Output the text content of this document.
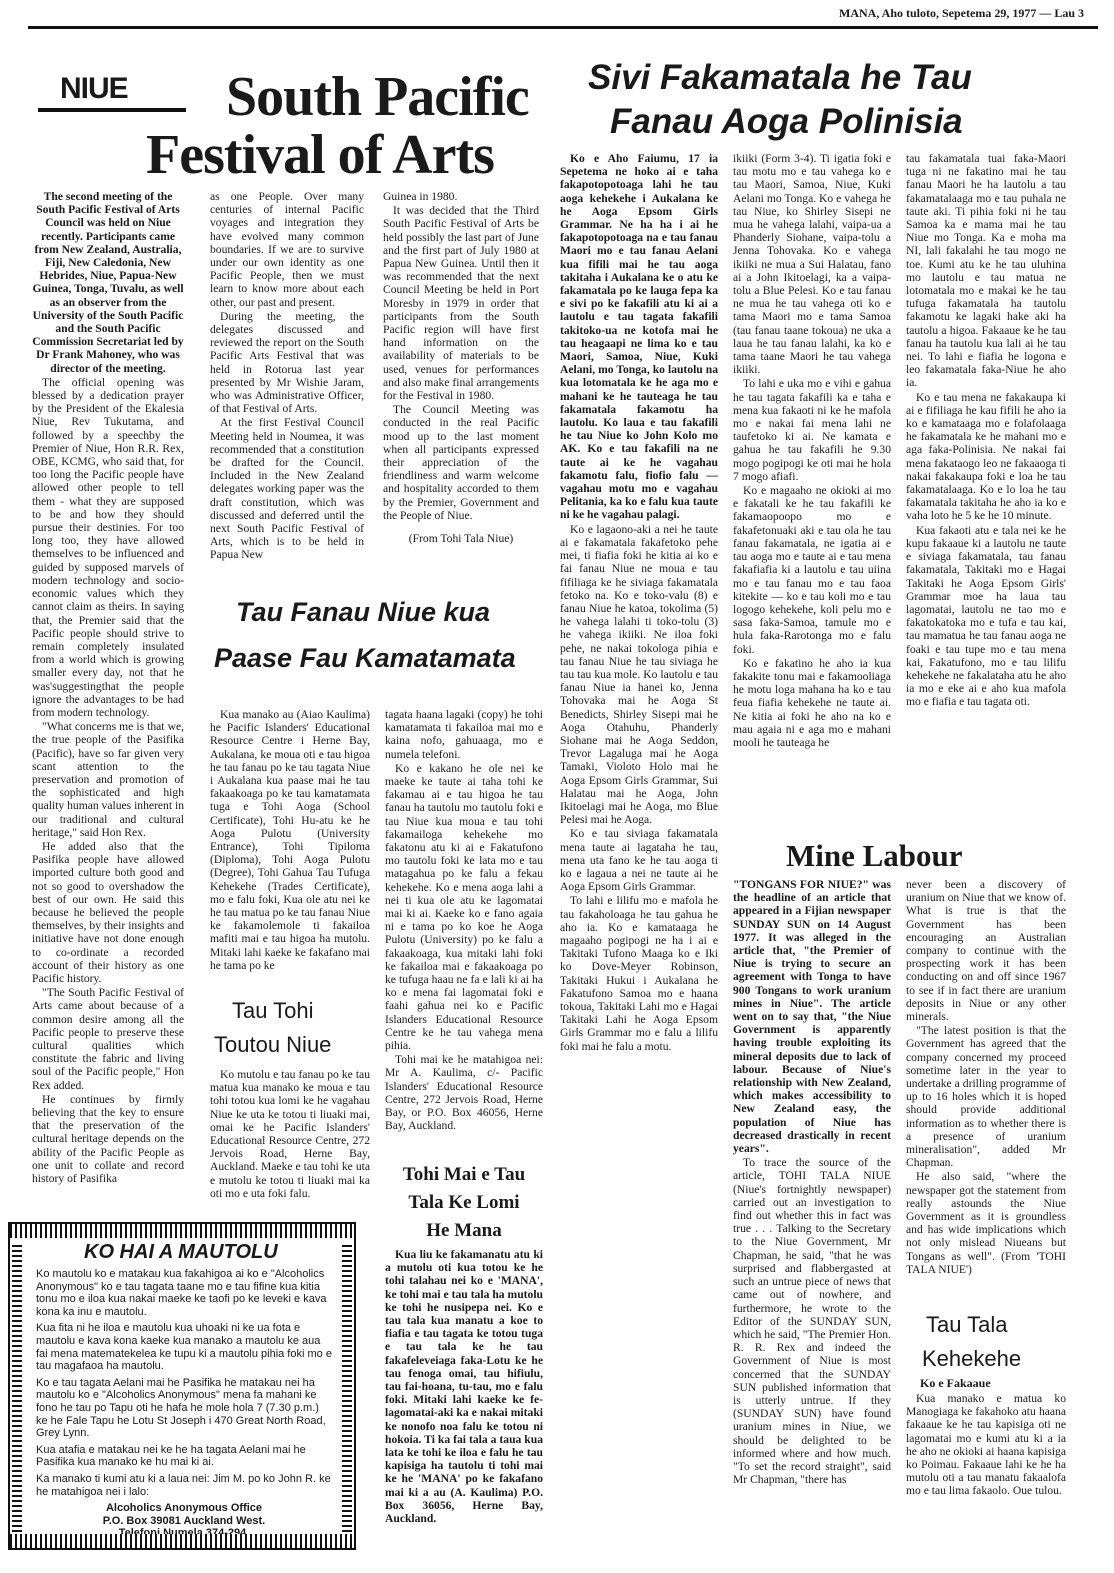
MANA, Aho tuloto, Sepetema 29, 1977 — Lau 3
NIUE South Pacific
Festival of Arts

The second meeting of the South Pacific Festival of Arts Council was held on Niue recently. Participants came from New Zealand, Australia, Fiji, New Caledonia, New Hebrides, Niue, Papua-New Guinea, Tonga, Tuvalu, as well as an observer from the University of the South Pacific and the South Pacific Commission Secretariat led by Dr Frank Mahoney, who was director of the meeting.

The official opening was blessed by a dedication prayer by the President of the Ekalesia Niue, Rev Tukutama, and followed by a speechby the Premier of Niue, Hon R.R. Rex, OBE, KCMG, who said that, for too long the Pacific people have allowed other people to tell them - what they are supposed to be and how they should pursue their destinies. For too long too, they have allowed themselves to be influenced and guided by supposed marvels of modern technology and socio-economic values which they cannot claim as theirs. In saying that, the Premier said that the Pacific people should strive to remain completely insulated from a world which is growing smaller every day, not that he was'suggestingthat the people ignore the advantages to be had from modern technology.

"What concerns me is that we, the true people of the Pasifika (Pacific), have so far given very scant attention to the preservation and promotion of the sophisticated and high quality human values inherent in our traditional and cultural heritage," said Hon Rex.

He added also that the Pasifika people have allowed imported culture both good and not so good to overshadow the best of our own. He said this because he believed the people themselves, by their insights and initiative have not done enough to co-ordinate a recorded account of their history as one Pacific history.

"The South Pacific Festival of Arts came about because of a common desire among all the Pacific people to preserve these cultural qualities which constitute the fabric and living soul of the Pacific people," Hon Rex added.

He continues by firmly believing that the key to ensure that the preservation of the cultural heritage depends on the ability of the Pacific People as one unit to collate and record history of Pasifika

as one People. Over many centuries of internal Pacific voyages and integration they have evolved many common boundaries. If we are to survive under our own identity as one Pacific People, then we must learn to know more about each other, our past and present.

During the meeting, the delegates discussed and reviewed the report on the South Pacific Arts Festival that was held in Rotorua last year presented by Mr Wishie Jaram, who was Administrative Officer, of that Festival of Arts.

At the first Festival Council Meeting held in Noumea, it was recommended that a constitution be drafted for the Council. Included in the New Zealand delegates working paper was the draft constitution, which was discussed and deferred until the next South Pacific Festival of Arts, which is to be held in Papua New

Guinea in 1980.

It was decided that the Third South Pacific Festival of Arts be held possibly the last part of June and the first part of July 1980 at Papua New Guinea. Until then it was recommended that the next Council Meeting be held in Port Moresby in 1979 in order that participants from the South Pacific region will have first hand information on the availability of materials to be used, venues for performances and also make final arrangements for the Festival in 1980.

The Council Meeting was conducted in the real Pacific mood up to the last moment when all participants expressed their appreciation of the friendliness and warm welcome and hospitality accorded to them by the Premier, Government and the People of Niue.

(From Tohi Tala Niue)

Sivi Fakamatala he Tau
Fanau Aoga Polinisia

Ko e Aho Faiumu, 17 ia Sepetema ne hoko ai e taha fakapotopotoaga lahi he tau aoga kehekehe i Aukalana ke he Aoga Epsom Girls Grammar. Ne ha ha i ai he fakapotopotoaga na e tau fanau Maori mo e tau fanau Aelani kua fifili mai he tau aoga takitaha i Aukalana ke o atu ke fakamatala po ke lauga fepa ka e sivi po ke fakafili atu ki ai a lautolu e tau tagata fakafili takitoko-ua ne kotofa mai he tau heagaapi ne lima ko e tau Maori, Samoa, Niue, Kuki Aelani, mo Tonga, ko lautolu na kua lotomatala ke he aga mo e mahani ke he tauteaga he tau fakamatala fakamotu ha lautolu. Ko laua e tau fakafili he tau Niue ko John Kolo mo AK. Ko e tau fakafili na ne taute ai ke he vagahau fakamotu falu, fiofio falu — vagahau motu mo e vagahau Pelitania, ka ko e falu kua taute ni ke he vagahau palagi.

Ko e lagaono-aki a nei he taute ai e fakamatala fakafetoko pehe mei, ti fiafia foki he kitia ai ko e fai fanau Niue ne moua e tau fifiliaga ke he siviaga fakamatala fetoko na. Ko e toko-valu (8) e fanau Niue he katoa, tokolima (5) he vahega lalahi ti toko-tolu (3) he vahega ikiiki. Ne iloa foki pehe, ne nakai tokologa pihia e tau fanau Niue he tau siviaga he tau tau kua mole. Ko lautolu e tau fanau Niue ia hanei ko, Jenna Tohovaka mai he Aoga St Benedicts, Shirley Sisepi mai he Aoga Otahuhu, Phanderly Siohane mai he Aoga Seddon, Trevor Lagaluga mai he Aoga Tamaki, Violoto Holo mai he Aoga Epsom Girls Grammar, Sui Halatau mai he Aoga, John Ikitoelagi mai he Aoga, mo Blue Pelesi mai he Aoga.

Ko e tau siviaga fakamatala mena taute ai lagataha he tau, mena uta fano ke he tau aoga ti ko e lagaua a nei ne taute ai he Aoga Epsom Girls Grammar.

To lahi e lilifu mo e mafola he tau fakaholoaga he tau gahua he aho ia. Ko e kamataaga he magaaho pogipogi ne ha i ai e Takitaki Tufono Maaga ko e Iki ko Dove-Meyer Robinson, Takitaki Hukui i Aukalana he Fakatufono Samoa mo e haana tokoua, Takitaki Lahi mo e Hagai Takitaki Lahi he Aoga Epsom Girls Grammar mo e falu a lilifu foki mai he falu a motu.

ikiiki (Form 3-4). Ti igatia foki e tau motu mo e tau vahega ko e tau Maori, Samoa, Niue, Kuki Aelani mo Tonga. Ko e vahega he tau Niue, ko Shirley Sisepi ne mua he vahega lalahi, vaipa-ua a Phanderly Siohane, vaipa-tolu a Jenna Tohovaka. Ko e vahega ikiiki ne mua a Sui Halatau, fano ai a John Ikitoelagi, ka a vaipa-tolu a Blue Pelesi. Ko e tau fanau ne mua he tau vahega oti ko e tama Maori mo e tama Samoa (tau fanau taane tokoua) ne uka a laua he tau fanau lalahi, ka ko e tama taane Maori he tau vahega ikiiki.

To lahi e uka mo e vihi e gahua he tau tagata fakafili ka e taha e mena kua fakaoti ni ke he mafola mo e nakai fai mena lahi ne taufetoko ki ai. Ne kamata e gahua he tau fakafili he 9.30 mogo pogipogi ke oti mai he hola 7 mogo afiafi.

Ko e magaaho ne okioki ai mo e fakatali ke he tau fakafili ke fakamaopoopo mo e fakafetonuaki aki e tau ola he tau fanau fakamatala, ne igatia ai e tau aoga mo e taute ai e tau mena fakafiafia ki a lautolu e tau uiina mo e tau fanau mo e tau faoa kitekite — ko e tau koli mo e tau logogo kehekehe, koli pelu mo e sasa faka-Samoa, tamule mo e hula faka-Rarotonga mo e falu foki.

Ko e fakatino he aho ia kua fakakite tonu mai e fakamooliaga he motu loga mahana ha ko e tau feua fiafia kehekehe ne taute ai. Ne kitia ai foki he aho na ko e mau agaia ni e aga mo e mahani mooli he tauteaga he

tau fakamatala tuai faka-Maori tuga ni ne fakatino mai he tau fanau Maori he ha lautolu a tau fakamatalaaga mo e tau puhala ne taute aki. Ti pihia foki ni he tau Samoa ka e mama mai he tau Niue mo Tonga. Ka e moha ma NI, lali fakalahi he tau mogo ne toe. Kumi atu ke he tau uluhina mo lautolu e tau matua ne lotomatala mo e makai ke he tau tufuga fakamatala ha tautolu fakamotu ke lagaki hake aki ha tautolu a higoa. Fakaaue ke he tau fanau ha tautolu kua lali ai he tau nei. To lahi e fiafia he logona e leo fakamatala faka-Niue he aho ia.

Ko e tau mena ne fakakaupa ki ai e fifiliaga he kau fifili he aho ia ko e kamataaga mo e folafolaaga he fakamatala ke he mahani mo e aga faka-Polinisia. Ne nakai fai mena fakataogo leo ne fakaaoga ti nakai fakakaupa foki e loa he tau fakamatalaaga. Ko e lo loa he tau fakamatala takitaha he aho ia ko e vaha loto he 5 ke he 10 minute.

Kua fakaoti atu e tala nei ke he kupu fakaaue ki a lautolu ne taute e siviaga fakamatala, tau fanau fakamatala, Takitaki mo e Hagai Takitaki he Aoga Epsom Girls' Grammar moe ha laua tau lagomatai, lautolu ne tao mo e fakatokatoka mo e tufa e tau kai, tau mamatua he tau fanau aoga ne foaki e tau tupe mo e tau mena kai, Fakatufono, mo e tau lilifu kehekehe ne fakalataha atu he aho ia mo e eke ai e aho kua mafola mo e fiafia e tau tagata oti.

Tau Fanau Niue kua
Paase Fau Kamatamata

Kua manako au (Aiao Kaulima) he Pacific Islanders' Educational Resource Centre i Herne Bay, Aukalana, ke moua oti e tau higoa he tau fanau po ke tau tagata Niue i Aukalana kua paase mai he tau fakaakoaga po ke tau kamatamata tuga e Tohi Aoga (School Certificate), Tohi Hu-atu ke he Aoga Pulotu (University Entrance), Tohi Tipiloma (Diploma), Tohi Aoga Pulotu (Degree), Tohi Gahua Tau Tufuga Kehekehe (Trades Certificate), mo e falu foki, Kua ole atu nei ke he tau matua po ke tau fanau Niue ke fakamolemole ti fakailoa mafiti mai e tau higoa ha mutolu. Mitaki lahi kaeke ke fakafano mai he tama po ke

tagata haana lagaki (copy) he tohi kamatamata ti fakailoa mai mo e kaina nofo, gahuaaga, mo e numela telefoni.

Ko e kakano he ole nei ke maeke ke taute ai taha tohi ke fakamau ai e tau higoa he tau fanau ha tautolu mo tautolu foki e tau Niue kua moua e tau tohi fakamailoga kehekehe mo fakatonu atu ki ai e Fakatufono mo tautolu foki ke lata mo e tau matagahua po ke falu a fekau kehekehe. Ko e mena aoga lahi a nei ti kua ole atu ke lagomatai mai ki ai. Kaeke ko e fano agaia ni e tama po ko koe he Aoga Pulotu (University) po ke falu a fakaakoaga, kua mitaki lahi foki ke fakailoa mai e fakaakoaga po ke tufuga haau ne fa e lali ki ai ha ko e mena fai lagomatai foki e faahi gahua nei ko e Pacific Islanders Educational Resource Centre ke he tau vahega mena pihia.

Tohi mai ke he matahigoa nei: Mr A. Kaulima, c/- Pacific Islanders' Educational Resource Centre, 272 Jervois Road, Herne Bay, or P.O. Box 46056, Herne Bay, Auckland.

Tau Tohi
Toutou Niue

Ko mutolu e tau fanau po ke tau matua kua manako ke moua e tau tohi totou kua lomi ke he vagahau Niue ke uta ke totou ti liuaki mai, omai ke he Pacific Islanders' Educational Resource Centre, 272 Jervois Road, Herne Bay, Auckland. Maeke e tau tohi ke uta e mutolu ke totou ti liuaki mai ka oti mo e uta foki falu.

Tohi Mai e Tau
Tala Ke Lomi
He Mana

Kua liu ke fakamanatu atu ki a mutolu oti kua totou ke he tohi talahau nei ko e 'MANA', ke tohi mai e tau tala ha mutolu ke tohi he nusipepa nei. Ko e tau tala kua manatu a koe to fiafia e tau tagata ke totou tuga e tau tala ke he tau fakafeleveiaga faka-Lotu ke he tau fenoga omai, tau hifiulu, tau fai-hoana, tu-tau, mo e falu foki. Mitaki lahi kaeke ke fe-lagomatai-aki ka e nakai mitaki ke nonofo noa falu ke totou ni hokoia. Ti ka fai tala a taua kua lata ke tohi ke iloa e falu he tau kapisiga ha tautolu ti tohi mai ke he 'MANA' po ke fakafano mai ki a au (A. Kaulima) P.O. Box 36056, Herne Bay, Auckland.

KO HAI A MAUTOLU

Ko mautolu ko e matakau kua fakahigoa ai ko e "Alcoholics Anonymous" ko e tau tagata taane mo e tau fifine kua kitia tonu mo e iloa kua nakai maeke ke taofi po ke leveki e kava kona ka inu e mautolu.

Kua fita ni he iloa e mautolu kua uhoaki ni ke ua fota e mautolu e kava kona kaeke kua manako a mautolu ke aua fai mena matematekelea ke tupu ki a mautolu pihia foki mo e tau magafaoa ha mautolu.

Ko e tau tagata Aelani mai he Pasifika he matakau nei ha mautolu ko e "Alcoholics Anonymous" mena fa mahani ke fono he tau po Tapu oti he hafa he mole hola 7 (7.30 p.m.) ke he Fale Tapu he Lotu St Joseph i 470 Great North Road, Grey Lynn.

Kua atafia e matakau nei ke he ha tagata Aelani mai he Pasifika kua manako ke hu mai ki ai.

Ka manako ti kumi atu ki a laua nei: Jim M. po ko John R. ke he matahigoa nei i lalo:

Alcoholics Anonymous Office
P.O. Box 39081 Auckland West.
Mine Labour

"TONGANS FOR NIUE?" was the headline of an article that appeared in a Fijian newspaper SUNDAY SUN on 14 August 1977. It was alleged in the article that, "the Premier of Niue is trying to secure an agreement with Tonga to have 900 Tongans to work uranium mines in Niue". The article went on to say that, "the Niue Government is apparently having trouble exploiting its mineral deposits due to lack of labour. Because of Niue's relationship with New Zealand, which makes accessibility to New Zealand easy, the population of Niue has decreased drastically in recent years".

To trace the source of the article, TOHI TALA NIUE (Niue's fortnightly newspaper) carried out an investigation to find out whether this in fact was true . . . Talking to the Secretary to the Niue Government, Mr Chapman, he said, "that he was surprised and flabbergasted at such an untrue piece of news that came out of nowhere, and furthermore, he wrote to the Editor of the SUNDAY SUN, which he said, "The Premier Hon. R. R. Rex and indeed the Government of Niue is most concerned that the SUNDAY SUN published information that is utterly untrue. If they (SUNDAY SUN) have found uranium mines in Niue, we should be delighted to be informed where and how much. "To set the record straight", said Mr Chapman, "there has

never been a discovery of uranium on Niue that we know of. What is true is that the Government has been encouraging an Australian company to continue with the prospecting work it has been conducting on and off since 1967 to see if in fact there are uranium deposits in Niue or any other minerals.

"The latest position is that the Government has agreed that the company concerned my proceed sometime later in the year to undertake a drilling programme of up to 16 holes which it is hoped should provide additional information as to whether there is a presence of uranium mineralisation", added Mr Chapman.

He also said, "where the newspaper got the statement from really astounds the Niue Government as it is groundless and has wide implications which not only mislead Niueans but Tongans as well". (From 'TOHI TALA NIUE')

Tau Tala
Kehekehe
Ko e Fakaaue

Kua manako e matua ko Manogiaga ke fakahoko atu haana fakaaue ke he tau kapisiga oti ne lagomatai mo e kumi atu ki a ia he aho ne okioki ai haana kapisiga ko Poimau. Fakaaue lahi ke he ha mutolu oti a tau manatu fakaalofa mo e tau lima fakaolo. Oue tulou.
